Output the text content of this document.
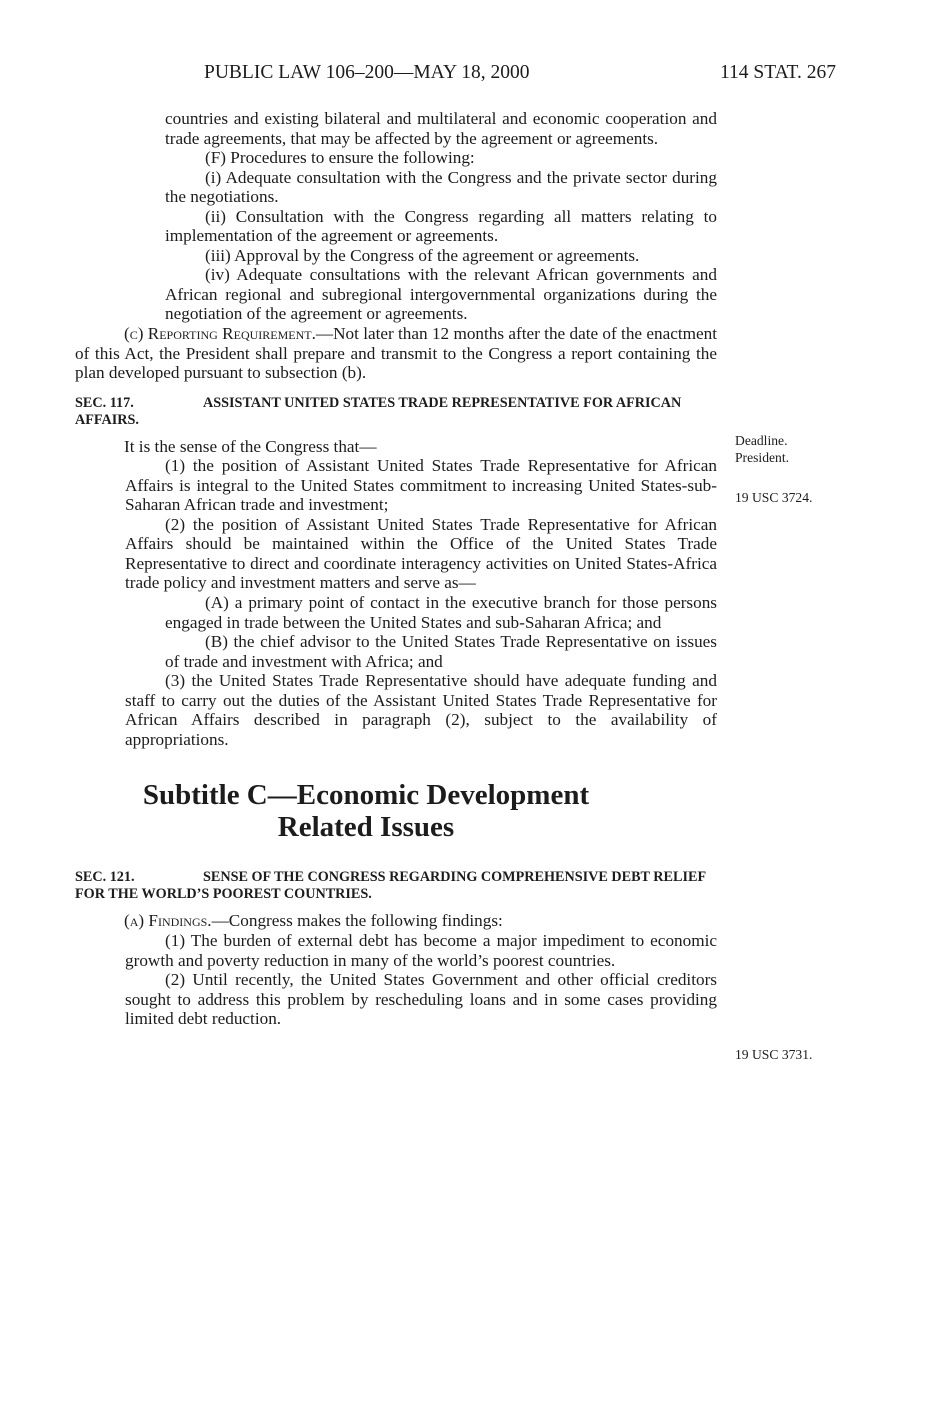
PUBLIC LAW 106–200—MAY 18, 2000	114 STAT. 267

countries and existing bilateral and multilateral and economic cooperation and trade agreements, that may be affected by the agreement or agreements.

(F) Procedures to ensure the following:

(i) Adequate consultation with the Congress and the private sector during the negotiations.

(ii) Consultation with the Congress regarding all matters relating to implementation of the agreement or agreements.

(iii) Approval by the Congress of the agreement or agreements.

(iv) Adequate consultations with the relevant African governments and African regional and subregional intergovernmental organizations during the negotiation of the agreement or agreements.

(c) Reporting Requirement.—Not later than 12 months after the date of the enactment of this Act, the President shall prepare and transmit to the Congress a report containing the plan developed pursuant to subsection (b).

SEC. 117.	ASSISTANT UNITED STATES TRADE REPRESENTATIVE FOR AFRICAN AFFAIRS.

It is the sense of the Congress that—

(1) the position of Assistant United States Trade Representative for African Affairs is integral to the United States commitment to increasing United States-sub-Saharan African trade and investment;

(2) the position of Assistant United States Trade Representative for African Affairs should be maintained within the Office of the United States Trade Representative to direct and coordinate interagency activities on United States-Africa trade policy and investment matters and serve as—

(A) a primary point of contact in the executive branch for those persons engaged in trade between the United States and sub-Saharan Africa; and

(B) the chief advisor to the United States Trade Representative on issues of trade and investment with Africa; and

(3) the United States Trade Representative should have adequate funding and staff to carry out the duties of the Assistant United States Trade Representative for African Affairs described in paragraph (2), subject to the availability of appropriations.

Subtitle C—Economic Development
Related Issues

SEC. 121.	SENSE OF THE CONGRESS REGARDING COMPREHENSIVE DEBT RELIEF FOR THE WORLD’S POOREST COUNTRIES.

(a) Findings.—Congress makes the following findings:

(1) The burden of external debt has become a major impediment to economic growth and poverty reduction in many of the world’s poorest countries.

(2) Until recently, the United States Government and other official creditors sought to address this problem by rescheduling loans and in some cases providing limited debt reduction.

Deadline.
President.
19 USC 3724.
19 USC 3731.
